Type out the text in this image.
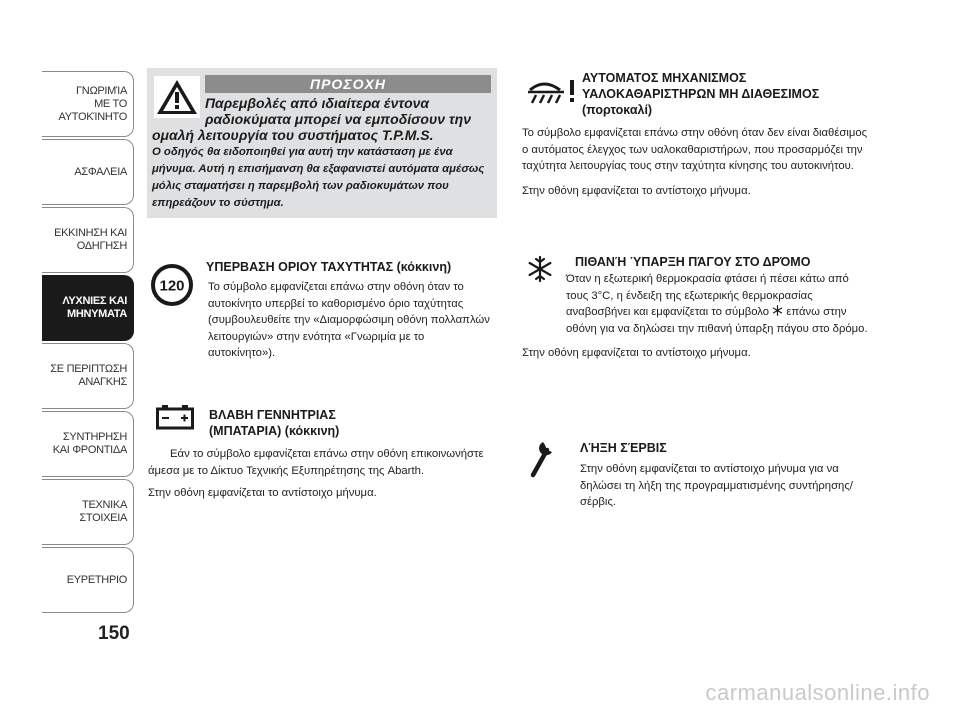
ΓΝΩΡΙΜΊΑ
ΜΕ ΤΟ
ΑΥΤΟΚΊΝΗΤΟ
ΑΣΦΑΛΕΙΑ
ΕΚΚΙΝΗΣΗ ΚΑΙ
ΟΔΗΓΗΣΗ
ΛΥΧΝΙΕΣ ΚΑΙ
ΜΗΝΥΜΑΤΑ
ΣΕ ΠΕΡΙΠΤΩΣΗ
ΑΝΑΓΚΗΣ
ΣΥΝΤΗΡΗΣΗ
ΚΑΙ ΦΡΟΝΤΙΔΑ
ΤΕΧΝΙΚΑ
ΣΤΟΙΧΕΙΑ
ΕΥΡΕΤΗΡΙΟ
150
ΠΡΟΣΟΧΗ
Παρεμβολές από ιδιαίτερα έντονα ραδιοκύματα μπορεί να εμποδίσουν την
ομαλή λειτουργία του συστήματος T.P.M.S.
Ο οδηγός θα ειδοποιηθεί για αυτή την κατάσταση με ένα μήνυμα. Αυτή η επισήμανση θα εξαφανιστεί αυτόματα αμέσως μόλις σταματήσει η παρεμβολή των ραδιοκυμάτων που επηρεάζουν το σύστημα.
120
ΥΠΕΡΒΑΣΗ ΟΡΙΟΥ ΤΑΧΥΤΗΤΑΣ (κόκκινη)

Το σύμβολο εμφανίζεται επάνω στην οθόνη όταν το αυτοκίνητο υπερβεί το καθορισμένο όριο ταχύτητας (συμβουλευθείτε την «Διαμορφώσιμη οθόνη πολλαπλών λειτουργιών» στην ενότητα «Γνωριμία με το αυτοκίνητο»).

ΒΛΑΒΗ ΓΕΝΝΗΤΡΙΑΣ (ΜΠΑΤΑΡΙΑ) (κόκκινη)

Εάν το σύμβολο εμφανίζεται επάνω στην οθόνη επικοινωνήστε άμεσα με το Δίκτυο Τεχνικής Εξυπηρέτησης της Abarth.

Στην οθόνη εμφανίζεται το αντίστοιχο μήνυμα.

ΑΥΤΟΜΑΤΟΣ ΜΗΧΑΝΙΣΜΟΣ ΥΑΛΟΚΑΘΑΡΙΣΤΗΡΩΝ ΜΗ ΔΙΑΘΕΣΙΜΟΣ (πορτοκαλί)

Το σύμβολο εμφανίζεται επάνω στην οθόνη όταν δεν είναι διαθέσιμος ο αυτόματος έλεγχος των υαλοκαθαριστήρων, που προσαρμόζει την ταχύτητα λειτουργίας τους στην ταχύτητα κίνησης του αυτοκινήτου.

Στην οθόνη εμφανίζεται το αντίστοιχο μήνυμα.

ΠΙΘΑΝΉ ΎΠΑΡΞΗ ΠΆΓΟΥ ΣΤΟ ΔΡΌΜΟ

Όταν η εξωτερική θερμοκρασία φτάσει ή πέσει κάτω από τους 3°C, η ένδειξη της εξωτερικής θερμοκρασίας αναβοσβήνει και εμφανίζεται το σύμβολο επάνω στην οθόνη για να δηλώσει την πιθανή ύπαρξη πάγου στο δρόμο.

Στην οθόνη εμφανίζεται το αντίστοιχο μήνυμα.

ΛΉΞΗ ΣΈΡΒΙΣ

Στην οθόνη εμφανίζεται το αντίστοιχο μήνυμα για να δηλώσει τη λήξη της προγραμματισμένης συντήρησης/σέρβις.

carmanualsonline.info
